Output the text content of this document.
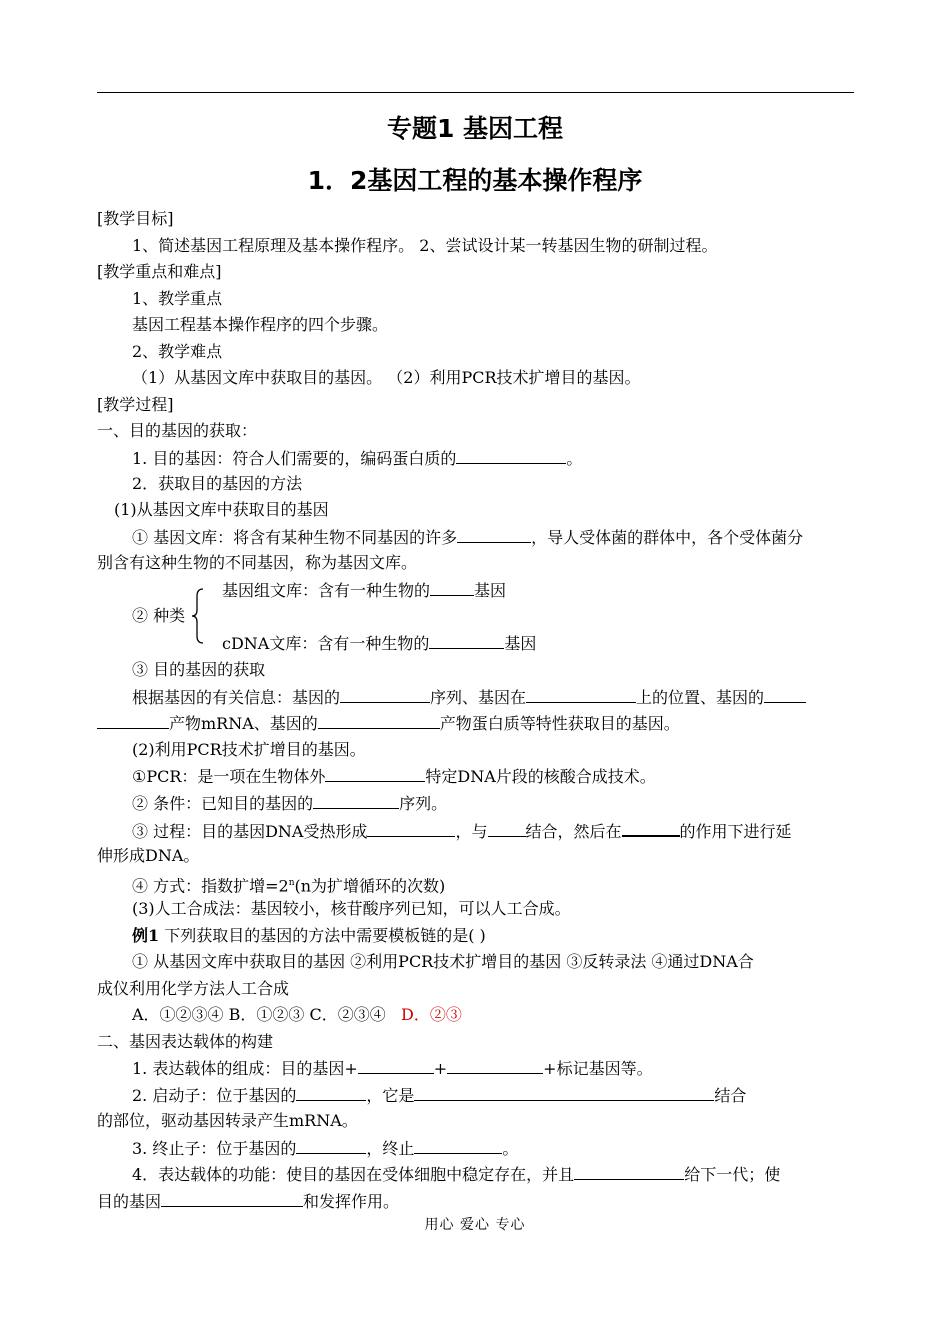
专题1 基因工程
1．2基因工程的基本操作程序
[教学目标]
1、简述基因工程原理及基本操作程序。 2、尝试设计某一转基因生物的研制过程。
[教学重点和难点]
1、教学重点
基因工程基本操作程序的四个步骤。
2、教学难点
（1）从基因文库中获取目的基因。 （2）利用PCR技术扩增目的基因。
[教学过程]
一、目的基因的获取：
1. 目的基因：符合人们需要的，编码蛋白质的	。
2．获取目的基因的方法
(1)从基因文库中获取目的基因
① 基因文库：将含有某种生物不同基因的许多	，导人受体菌的群体中，各个受体菌分
别含有这种生物的不同基因，称为基因文库。
基因组文库：含有一种生物的	基因
② 种类
cDNA文库：含有一种生物的	基因
③ 目的基因的获取
根据基因的有关信息：基因的	序列、基因在	上的位置、基因的
产物mRNA、基因的	产物蛋白质等特性获取目的基因。
(2)利用PCR技术扩增目的基因。
①PCR：是一项在生物体外	特定DNA片段的核酸合成技术。
② 条件：已知目的基因的	序列。
③ 过程：目的基因DNA受热形成	，与 结合，然后在	的作用下进行延
伸形成DNA。
④ 方式：指数扩增$=2^n(n$为扩增循环的次数)
(3)人工合成法：基因较小，核苷酸序列已知，可以人工合成。
例1 下列获取目的基因的方法中需要模板链的是( )
① 从基因文库中获取目的基因 ②利用PCR技术扩增目的基因 ③反转录法 ④通过DNA合
成仪利用化学方法人工合成
A．①②③④ B．①②③ C．②③④ D．②③
二、基因表达载体的构建
1. 表达载体的组成：目的基因+	+	+标记基因等。
2. 启动子：位于基因的	，它是	结合
的部位，驱动基因转录产生mRNA。
3. 终止子：位于基因的	，终止	。
4．表达载体的功能：使目的基因在受体细胞中稳定存在，并且	给下一代；使
目的基因	和发挥作用。
用心 爱心 专心
